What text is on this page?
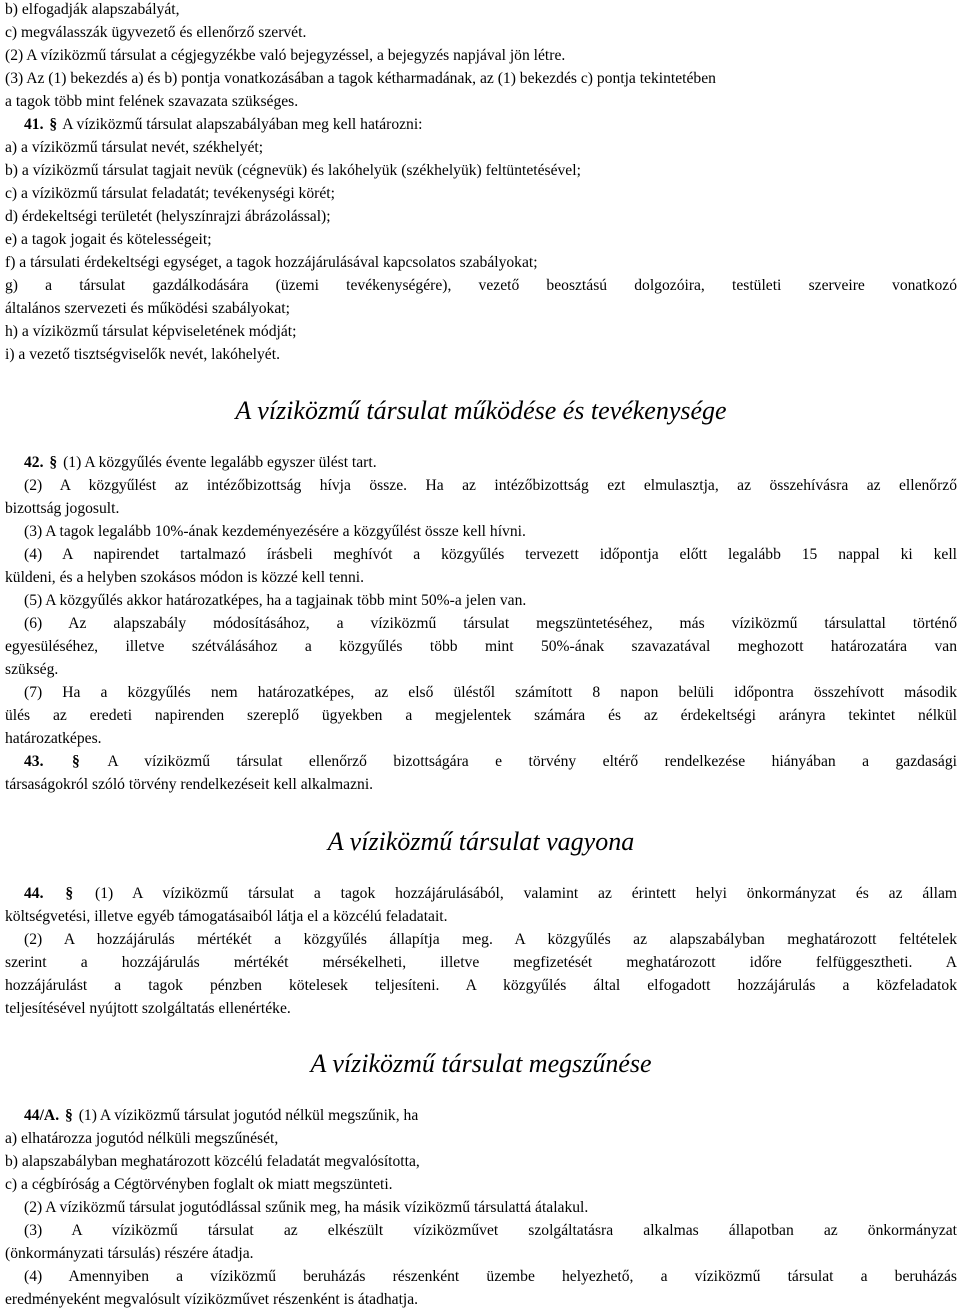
b) elfogadják alapszabályát,
c) megválasszák ügyvezető és ellenőrző szervét.
(2) A víziközmű társulat a cégjegyzékbe való bejegyzéssel, a bejegyzés napjával jön létre.
(3) Az (1) bekezdés a) és b) pontja vonatkozásában a tagok kétharmadának, az (1) bekezdés c) pontja tekintetében
a tagok több mint felének szavazata szükséges.
41. § A víziközmű társulat alapszabályában meg kell határozni:
a) a víziközmű társulat nevét, székhelyét;
b) a víziközmű társulat tagjait nevük (cégnevük) és lakóhelyük (székhelyük) feltüntetésével;
c) a víziközmű társulat feladatát; tevékenységi körét;
d) érdekeltségi területét (helyszínrajzi ábrázolással);
e) a tagok jogait és kötelességeit;
f) a társulati érdekeltségi egységet, a tagok hozzájárulásával kapcsolatos szabályokat;
g) a társulat gazdálkodására (üzemi tevékenységére), vezető beosztású dolgozóira, testületi szerveire vonatkozó
általános szervezeti és működési szabályokat;
h) a víziközmű társulat képviseletének módját;
i) a vezető tisztségviselők nevét, lakóhelyét.
A víziközmű társulat működése és tevékenysége
42. § (1) A közgyűlés évente legalább egyszer ülést tart.
(2) A közgyűlést az intézőbizottság hívja össze. Ha az intézőbizottság ezt elmulasztja, az összehívásra az ellenőrző
bizottság jogosult.
(3) A tagok legalább 10%-ának kezdeményezésére a közgyűlést össze kell hívni.
(4) A napirendet tartalmazó írásbeli meghívót a közgyűlés tervezett időpontja előtt legalább 15 nappal ki kell
küldeni, és a helyben szokásos módon is közzé kell tenni.
(5) A közgyűlés akkor határozatképes, ha a tagjainak több mint 50%-a jelen van.
(6) Az alapszabály módosításához, a víziközmű társulat megszüntetéséhez, más víziközmű társulattal történő
egyesüléséhez, illetve szétválásához a közgyűlés több mint 50%-ának szavazatával meghozott határozatára van
szükség.
(7) Ha a közgyűlés nem határozatképes, az első üléstől számított 8 napon belüli időpontra összehívott második
ülés az eredeti napirenden szereplő ügyekben a megjelentek számára és az érdekeltségi arányra tekintet nélkül
határozatképes.
43. § A víziközmű társulat ellenőrző bizottságára e törvény eltérő rendelkezése hiányában a gazdasági
társaságokról szóló törvény rendelkezéseit kell alkalmazni.
A víziközmű társulat vagyona
44. § (1) A víziközmű társulat a tagok hozzájárulásából, valamint az érintett helyi önkormányzat és az állam
költségvetési, illetve egyéb támogatásaiból látja el a közcélú feladatait.
(2) A hozzájárulás mértékét a közgyűlés állapítja meg. A közgyűlés az alapszabályban meghatározott feltételek
szerint a hozzájárulás mértékét mérsékelheti, illetve megfizetését meghatározott időre felfüggesztheti. A
hozzájárulást a tagok pénzben kötelesek teljesíteni. A közgyűlés által elfogadott hozzájárulás a közfeladatok
teljesítésével nyújtott szolgáltatás ellenértéke.
A víziközmű társulat megszűnése
44/A. § (1) A víziközmű társulat jogutód nélkül megszűnik, ha
a) elhatározza jogutód nélküli megszűnését,
b) alapszabályban meghatározott közcélú feladatát megvalósította,
c) a cégbíróság a Cégtörvényben foglalt ok miatt megszünteti.
(2) A víziközmű társulat jogutódlással szűnik meg, ha másik víziközmű társulattá átalakul.
(3) A víziközmű társulat az elkészült víziközművet szolgáltatásra alkalmas állapotban az önkormányzat
(önkormányzati társulás) részére átadja.
(4) Amennyiben a víziközmű beruházás részenként üzembe helyezhető, a víziközmű társulat a beruházás
eredményeként megvalósult víziközművet részenként is átadhatja.
